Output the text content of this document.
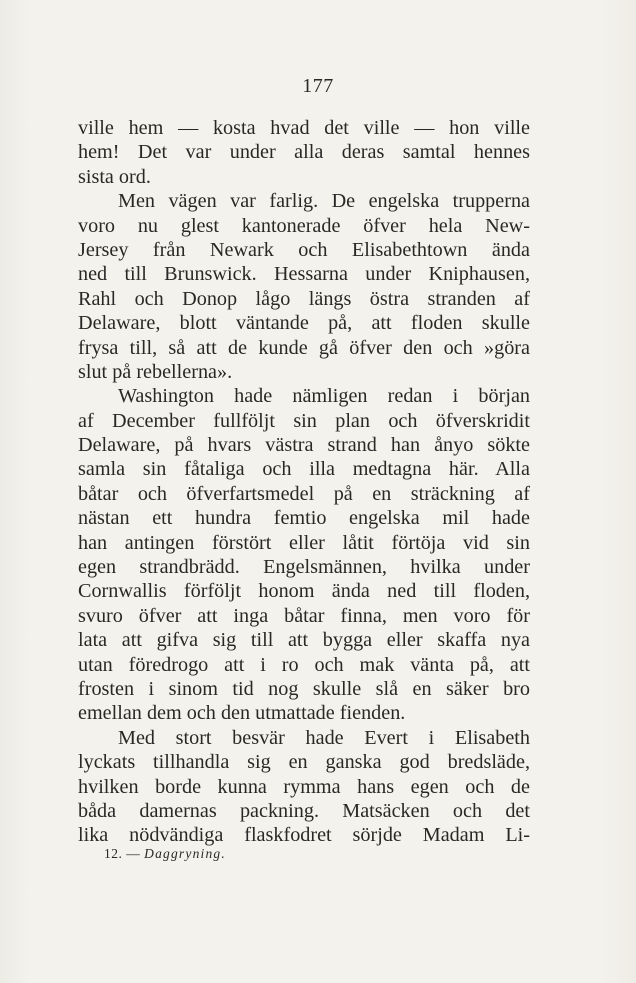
177
ville hem — kosta hvad det ville — hon ville
hem! Det var under alla deras samtal hennes
sista ord.
Men vägen var farlig. De engelska trupperna
voro nu glest kantonerade öfver hela New-
Jersey från Newark och Elisabethtown ända
ned till Brunswick. Hessarna under Kniphausen,
Rahl och Donop lågo längs östra stranden af
Delaware, blott väntande på, att floden skulle
frysa till, så att de kunde gå öfver den och »göra
slut på rebellerna».
Washington hade nämligen redan i början
af December fullföljt sin plan och öfverskridit
Delaware, på hvars västra strand han ånyo sökte
samla sin fåtaliga och illa medtagna här. Alla
båtar och öfverfartsmedel på en sträckning af
nästan ett hundra femtio engelska mil hade
han antingen förstört eller låtit förtöja vid sin
egen strandbrädd. Engelsmännen, hvilka under
Cornwallis förföljt honom ända ned till floden,
svuro öfver att inga båtar finna, men voro för
lata att gifva sig till att bygga eller skaffa nya
utan föredrogo att i ro och mak vänta på, att
frosten i sinom tid nog skulle slå en säker bro
emellan dem och den utmattade fienden.
Med stort besvär hade Evert i Elisabeth
lyckats tillhandla sig en ganska god bredsläde,
hvilken borde kunna rymma hans egen och de
båda damernas packning. Matsäcken och det
lika nödvändiga flaskfodret sörjde Madam Li-
12. — Daggryning.
